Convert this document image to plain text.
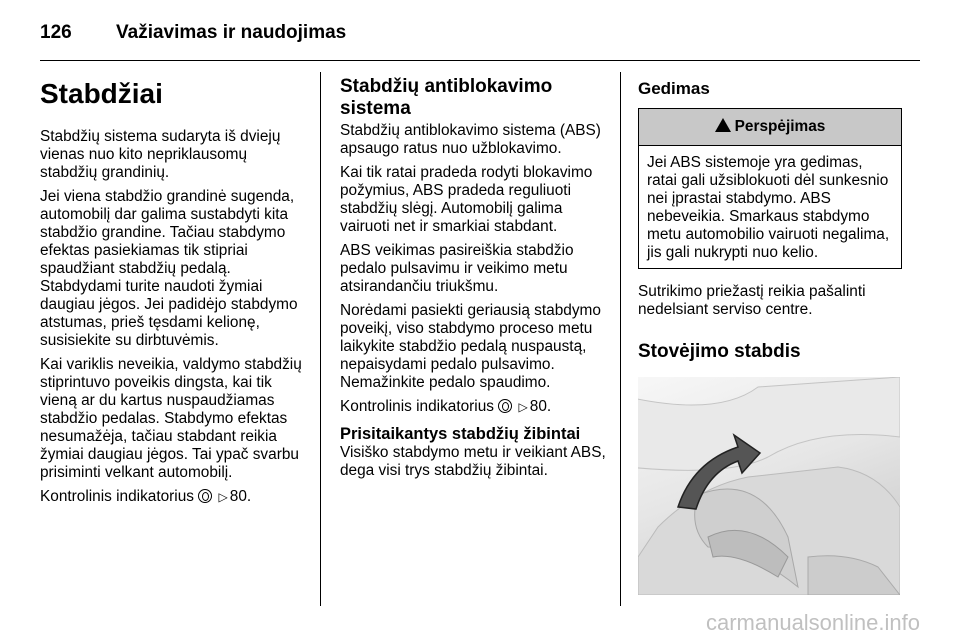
126 Važiavimas ir naudojimas
Stabdžiai

Stabdžių sistema sudaryta iš dviejų vienas nuo kito nepriklausomų stabdžių grandinių.

Jei viena stabdžio grandinė sugenda, automobilį dar galima sustabdyti kita stabdžio grandine. Tačiau stabdymo efektas pasiekiamas tik stipriai spaudžiant stabdžių pedalą. Stabdydami turite naudoti žymiai daugiau jėgos. Jei padidėjo stabdymo atstumas, prieš tęsdami kelionę, susisiekite su dirbtuvėmis.

Kai variklis neveikia, valdymo stabdžių stiprintuvo poveikis dingsta, kai tik vieną ar du kartus nuspaudžiamas stabdžio pedalas. Stabdymo efektas nesumažėja, tačiau stabdant reikia žymiai daugiau jėgos. Tai ypač svarbu prisiminti velkant automobilį.

Kontrolinis indikatorius ▷ 80.

Stabdžių antiblokavimo sistema

Stabdžių antiblokavimo sistema (ABS) apsaugo ratus nuo užblokavimo.

Kai tik ratai pradeda rodyti blokavimo požymius, ABS pradeda reguliuoti stabdžių slėgį. Automobilį galima vairuoti net ir smarkiai stabdant.

ABS veikimas pasireiškia stabdžio pedalo pulsavimu ir veikimo metu atsirandančiu triukšmu.

Norėdami pasiekti geriausią stabdymo poveikį, viso stabdymo proceso metu laikykite stabdžio pedalą nuspaustą, nepaisydami pedalo pulsavimo. Nemažinkite pedalo spaudimo.

Kontrolinis indikatorius ▷ 80.

Prisitaikantys stabdžių žibintai

Visiško stabdymo metu ir veikiant ABS, dega visi trys stabdžių žibintai.

Gedimas
Perspėjimas
Jei ABS sistemoje yra gedimas, ratai gali užsiblokuoti dėl sunkesnio nei įprastai stabdymo. ABS nebeveikia. Smarkaus stabdymo metu automobilio vairuoti negalima, jis gali nukrypti nuo kelio.

Sutrikimo priežastį reikia pašalinti nedelsiant serviso centre.

Stovėjimo stabdis
carmanualsonline.info
